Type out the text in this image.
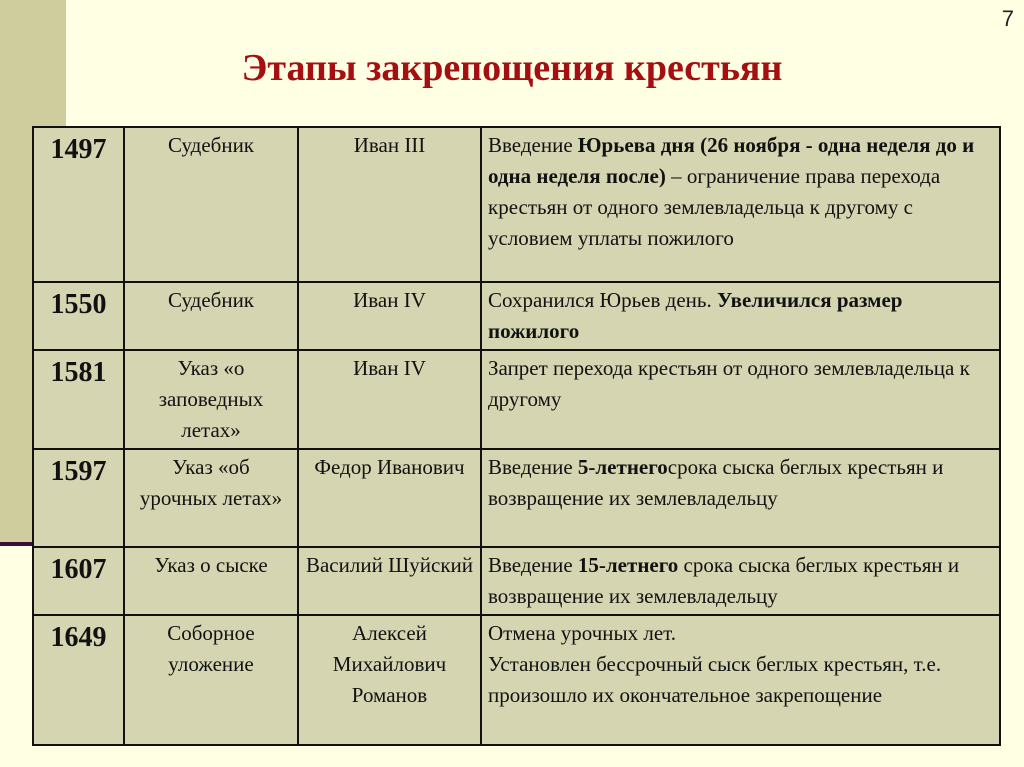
7
Этапы закрепощения крестьян
1497	Судебник	Иван III	Введение Юрьева дня (26 ноября - одна неделя до и одна неделя после) – ограничение права перехода крестьян от одного землевладельца к другому с условием уплаты пожилого
1550	Судебник	Иван IV	Сохранился Юрьев день. Увеличился размер пожилого
1581	Указ «о заповедных летах»	Иван IV	Запрет перехода крестьян от одного землевладельца к другому
1597	Указ «об урочных летах»	Федор Иванович	Введение 5-летнегосрока сыска беглых крестьян и возвращение их землевладельцу
1607	Указ о сыске	Василий Шуйский	Введение 15-летнего срока сыска беглых крестьян и возвращение их землевладельцу
1649	Соборное уложение	Алексей Михайлович Романов	Отмена урочных лет.
Установлен бессрочный сыск беглых крестьян, т.е. произошло их окончательное закрепощение
